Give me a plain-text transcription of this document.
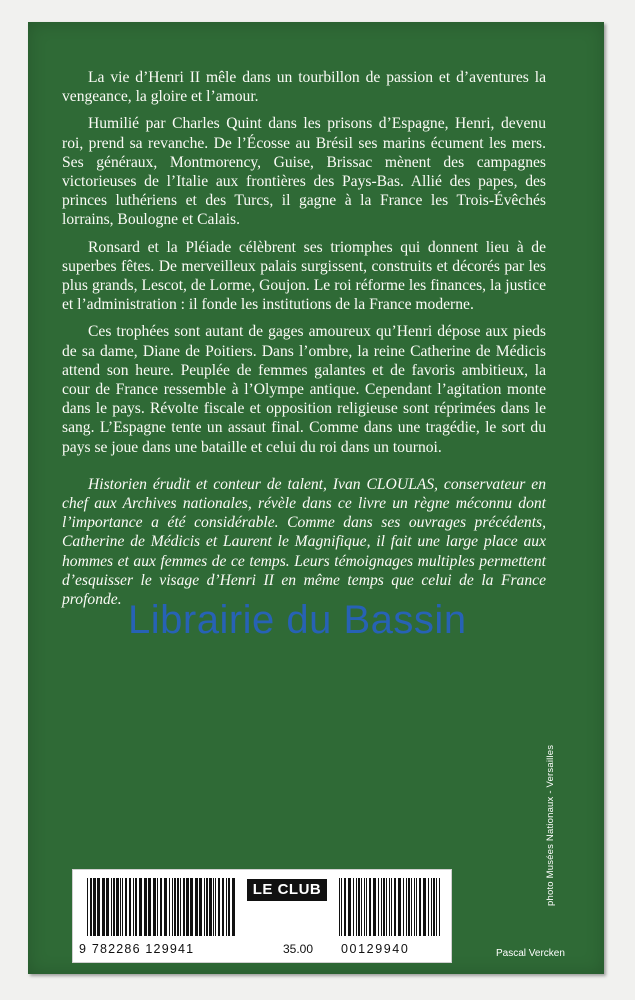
La vie d’Henri II mêle dans un tourbillon de passion et d’aventures la vengeance, la gloire et l’amour.

Humilié par Charles Quint dans les prisons d’Espagne, Henri, devenu roi, prend sa revanche. De l’Écosse au Brésil ses marins écument les mers. Ses généraux, Montmorency, Guise, Brissac mènent des campagnes victorieuses de l’Italie aux frontières des Pays-Bas. Allié des papes, des princes luthériens et des Turcs, il gagne à la France les Trois-Évêchés lorrains, Boulogne et Calais.

Ronsard et la Pléiade célèbrent ses triomphes qui donnent lieu à de superbes fêtes. De merveilleux palais surgissent, construits et décorés par les plus grands, Lescot, de Lorme, Goujon. Le roi réforme les finances, la justice et l’administration : il fonde les institutions de la France moderne.

Ces trophées sont autant de gages amoureux qu’Henri dépose aux pieds de sa dame, Diane de Poitiers. Dans l’ombre, la reine Catherine de Médicis attend son heure. Peuplée de femmes galantes et de favoris ambitieux, la cour de France ressemble à l’Olympe antique. Cependant l’agitation monte dans le pays. Révolte fiscale et opposition religieuse sont réprimées dans le sang. L’Espagne tente un assaut final. Comme dans une tragédie, le sort du pays se joue dans une bataille et celui du roi dans un tournoi.

Historien érudit et conteur de talent, Ivan CLOULAS, conservateur en chef aux Archives nationales, révèle dans ce livre un règne méconnu dont l’importance a été considérable. Comme dans ses ouvrages précédents, Catherine de Médicis et Laurent le Magnifique, il fait une large place aux hommes et aux femmes de ce temps. Leurs témoignages multiples permettent d’esquisser le visage d’Henri II en même temps que celui de la France profonde. Librairie du Bassin
photo Musées Nationaux - Versailles
LE CLUB
9 782286 129941	35.00 00129940	Pascal Vercken
